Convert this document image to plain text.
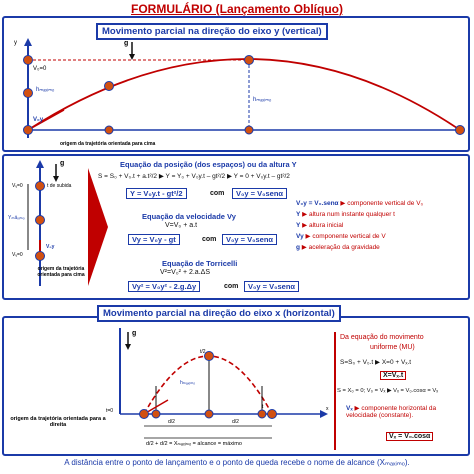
FORMULÁRIO (Lançamento Oblíquo)
Movimento parcial na direção do eixo y (vertical)
g
V₀=0
hₘₐₓᵢₘₒ
hₘₐₓᵢₘₒ
V₀y
y
origem da trajetória orientada para cima
g
Vᵧ=0	t de subida
Yₘáₓᵢₘₒ
Vᵧ=0
V₀y
origem da trajetória orientada para cima
Equação da posição (dos espaços) ou da altura Y
S = S₀ + V₀.t + a.t²/2 ▶ Y = Y₀ + V₀y.t – gt²/2 ▶ Y = 0 + V₀y.t – gt²/2
Y = V₀y.t - gt²/2	com	V₀y = V₀senα
Equação da velocidade Vy
V=V₀ + a.t
Vy = V₀y - gt	com	V₀y = V₀senα
Equação de Torricelli
V²=V₀² + 2.a.ΔS
Vy² = V₀y² - 2.g.Δy	com	V₀y = V₀senα
V₀y = V₀.senα ▶ componente vertical de V₀
Y ▶ altura num instante qualquer t
Y ▶ altura inicial
Vy ▶ componente vertical de V
g ▶ aceleração da gravidade
Movimento parcial na direção do eixo x (horizontal)
g
t=0	x
t/2
t
hₘₐₓᵢₘₒ
d/2	d/2
d/2 + d/2 = Xₘₐₓᵢₘₒ = alcance = máximo
origem da trajetória orientada para a direita
Da equação do movimento
uniforme (MU)
S=S₀ + V₀.t ▶ X=0 + Vₓ.t
X=Vₓ.t
S = X₀ = 0; V₀ = Vₓ ▶ Vₓ = V₀.cosα = Vₓ
Vₓ ▶ componente horizontal da velocidade (constante).
Vₓ = V₀.cosα
A distância entre o ponto de lançamento e o ponto de queda recebe o nome de alcance (Xₘₐₓᵢₘₒ).
